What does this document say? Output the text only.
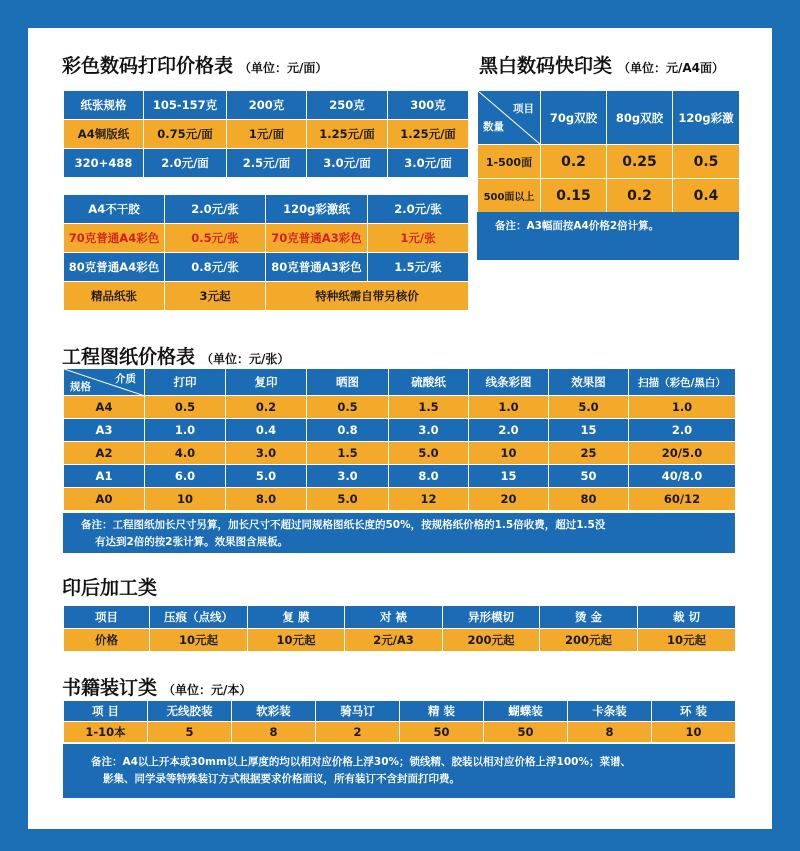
彩色数码打印价格表 （单位：元/面）
纸张规格	105-157克	200克	250克	300克
A4铜版纸	0.75元/面	1元/面	1.25元/面	1.25元/面
320+488	2.0元/面	2.5元/面	3.0元/面	3.0元/面
A4不干胶	2.0元/张	120g彩激纸	2.0元/张
70克普通A4彩色	0.5元/张	70克普通A3彩色	1元/张
80克普通A4彩色	0.8元/张	80克普通A3彩色	1.5元/张
精品纸张	3元起	特种纸需自带另核价	
黑白数码快印类 （单位：元/A4面）
项目
数量	70g双胶	80g双胶	120g彩激
1-500面	0.2	0.25	0.5
500面以上	0.15	0.2	0.4
备注：A3幅面按A4价格2倍计算。
工程图纸价格表 （单位：元/张）
介质
规格	打印	复印	晒图	硫酸纸	线条彩图	效果图	扫描（彩色/黑白）
A4	0.5	0.2	0.5	1.5	1.0	5.0	1.0
A3	1.0	0.4	0.8	3.0	2.0	15	2.0
A2	4.0	3.0	1.5	5.0	10	25	20/5.0
A1	6.0	5.0	3.0	8.0	15	50	40/8.0
A0	10	8.0	5.0	12	20	80	60/12
备注：工程图纸加长尺寸另算，加长尺寸不超过同规格图纸长度的50%，按规格纸价格的1.5倍收费，超过1.5没
有达到2倍的按2张计算。效果图含展板。
印后加工类
项目	压痕（点线）	复 膜	对 裱	异形模切	烫 金	裁 切
价格	10元起	10元起	2元/A3	200元起	200元起	10元起
书籍装订类 （单位：元/本）
项 目	无线胶装	软彩装	骑马订	精 装	蝴蝶装	卡条装	环 装
1-10本	5	8	2	50	50	8	10
备注：A4以上开本或30mm以上厚度的均以相对应价格上浮30%；锁线精、胶装以相对应价格上浮100%；菜谱、
影集、同学录等特殊装订方式根据要求价格面议，所有装订不含封面打印费。
